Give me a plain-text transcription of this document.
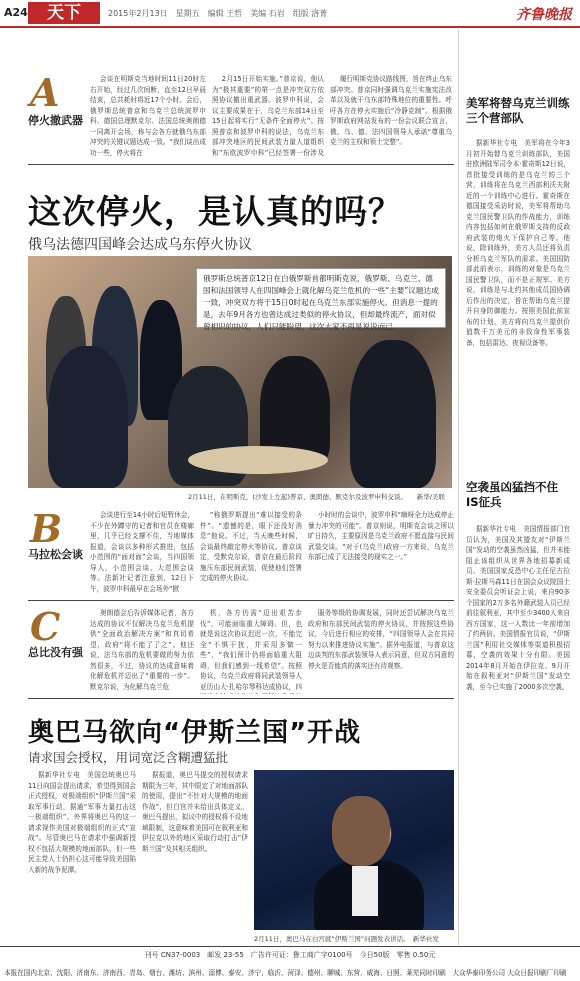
A24	天下	2015年2月13日　星期五　编辑 王哲　美编 石岩　组版 洛菁	齐鲁晚报
A
停火撤武器

会谈在明斯克当地时间11日20时左右开始，经过几次间断，直至12日早晨结束，总共耗时将近17个小时。会后，俄罗斯总统普京和乌克兰总统波罗申科、德国总理默克尔、法国总统奥朗德一同离开会场，称与会各方就俄乌东部冲突的关键议题达成一致。“我们谈出成功一些，停火将在

2月15日开始实施。”普京说，他认为“极其重要”的第一点是冲突双方依照协议撤出重武器。波罗申科说，会议主要成果在于，乌克兰东部14日至15日起将实行“无条件全面停火”。按照普京和波罗申科的说法，乌克兰东部冲突地区的民间武装力量人道组织和”东欧波罗申科”已经签署一份涉及

履行明斯克协议路线图，旨在终止乌东部冲突。普京同时强调乌克兰实施宪法改革以及就干乌东部特殊地位的重要性。呼吁各方在停火实施后“冷静克制”。根据俄罗斯政府网站发布的一份会议联合宣言，俄、乌、德、法四国领导人承诺“尊重乌克兰的主权和领土完整”。

这次停火，是认真的吗？
俄乌法德四国峰会达成乌东停火协议
俄罗斯总统普京12日在白俄罗斯首都明斯克说，俄罗斯、乌克兰、德国和法国领导人在四国峰会上就化解乌克兰危机的一些“主要”议题达成一致，冲突双方将于15日0时起在乌克兰东部实施停火。但消息一提的是，去年9月各方也曾达成过类似的停火协议，但却最终流产，面对似曾相识的协议，人们只能盼望，这次大家不再是说说而已。
2月11日，在明斯克，(沙发上左起)普京、奥朗德、默克尔及波罗申科交谈。　　新华/美联
B
马拉松会谈

会谈进行至14小时后短暂休会，不少在外蹲守的记者和官员在楼廊里，几乎已经支撑不住，当地媒体报道，会谈以多种形式推进，包括小范围的“面对面”会谈，当四国领导人，小范围会谈、大范围会谈等。法新社记者注意到，12日下午，波罗申科最早在会场外“掀

”称俄罗斯提出“难以接受的条件”。“遗憾的是，眼下还没好消息”他说。不过，当天晚些时候，会谈最终敲定停火等协议。普京谈定，受默克尔说，普京在最后阶段施压东部民间武装，促使他们签署完成的停火协议。

小时时的会谈中，波罗申科“嗨呀全力达成停止暴力冲突的可能”。普京则说，明斯克会谈之所以旷日持久，主要原因是乌克兰政府不愿直接与民间武装交谈。“对于(乌克兰)政府一方来说，乌克兰东部已成了无法接受的现实之一。”

C
总比没有强

奥朗德会后告诉媒体记者，各方达成的协议不仅解决乌克兰危机提供“全面政治解决方案”和真切希望，政府“将不能了了之”。他还说，法乌东部的危机要做的努力依然很多，不过，协议的达成意味着化解危机并迈出了“重要的一步”。默克尔说，为化解乌克兰危

机，各方仍需“迈出艰苦步伐”，可能面临重大障碍。但，也就是说这次协议迟迟一次，不能完全“不惧干扰，并采用多做一些”，“我们预计仍将面临重大阻碍，但我们感到一线希望”。按照协议，乌克兰政府将同武装领导人亚历山大·扎哈尔琴科达成协议，四

服务等级的协调发展，同时还尝试解决乌克兰政府和东部民间武装的停火协议，并按照这些协议，今后进行相应的安排，“四国领导人会在共同努力以来推进协议实施”。据外电报道，与普京这边谈判的东部武装领导人表示同意，但双方同意的停火是否能真的落实还有待观察。

奥巴马欲向“伊斯兰国”开战
请求国会授权，用词宽泛含糊遭猛批

据新华社专电　美国总统奥巴马11日向国会提出请求，希望得到国会正式授权，对极端组织“伊斯兰国”采取军事行动，据通“军事力量打击这一极端组织”。外界将奥巴马的这一请求视作美国对极端组织的正式“宣战”。尽管奥巴马在请求中强调新授权不包括大规模的地面部队，但一些民主党人士仍担心这可能导致美国陷入新的战争泥潭。

据报道，奥巴马提交的授权请求期限为三年，其中限定了对地面部队的使用，提出“不针对大规模的地面作战”，但白宫并未给出具体定义。奥巴马提出，拟议中的授权将不设地域限制，这意味着美国可在叙利亚和伊拉克以外的地区采取行动打击“伊斯兰国”及其相关组织。

2月11日，奥巴马在白宫就“伊斯兰国”问题发表讲话。　新华社发
美军将替乌克兰训练三个营部队

据新华社专电　美军将在今年3月初开始替乌克兰训练部队，美国驻欧洲陆军司令本·霍奇斯12日说，首批接受训练的是乌克兰的三个营，训练将在乌克兰西部利沃夫附近的一个训练中心进行。霍奇斯在德国接受采访时说，美军将帮助乌克兰国民警卫队的作战能力，训练内容包括如何在俄罗斯支持的反政府武装的炮火下保护自己等。他说，除训练外，美方人员还将负责分析乌克兰军队的需求。美国国防部此前表示，训练的对象是乌克兰国民警卫队，而不是正规军。美方说，训练是与北约其他成员国协调后作出的决定，旨在帮助乌克兰提升自身防御能力。按照美国此前宣布的计划，美方将向乌克兰提供价值数千万美元的非致命性军事装备，包括雷达、夜视设备等。

空袭虽凶猛挡不住IS征兵

据新华社专电　美国情报部门官员认为，美国及其盟友对“伊斯兰国”发动的空袭虽然凶猛，但并未能阻止该组织从世界各地招募新成员。美国国家反恐中心主任尼古拉斯·拉斯马森11日在国会众议院国土安全委员会听证会上说，来自90多个国家的2万多名外籍武装人员已经前往叙利亚，其中至少3400人来自西方国家，这一人数比一年前增加了约两倍。美国情报官员说，“伊斯兰国”利用社交媒体等渠道积极招募，空袭的效果十分有限。美国2014年8月开始在伊拉克、9月开始在叙利亚对“伊斯兰国”发动空袭，至今已实施了2000多次空袭。

刊号 CN37-0003　邮发 23-55　广告许可证：鲁工商广字0100号　今日50版　零售 0.50元
本报在国内北京、沈阳、济南东、济南西、青岛、烟台、潍坊、滨州、淄博、泰安、济宁、临沂、菏泽、德州、聊城、东营、威海、日照、莱芜同时印刷　大众华泰印务公司 大众日报印刷厂印刷
